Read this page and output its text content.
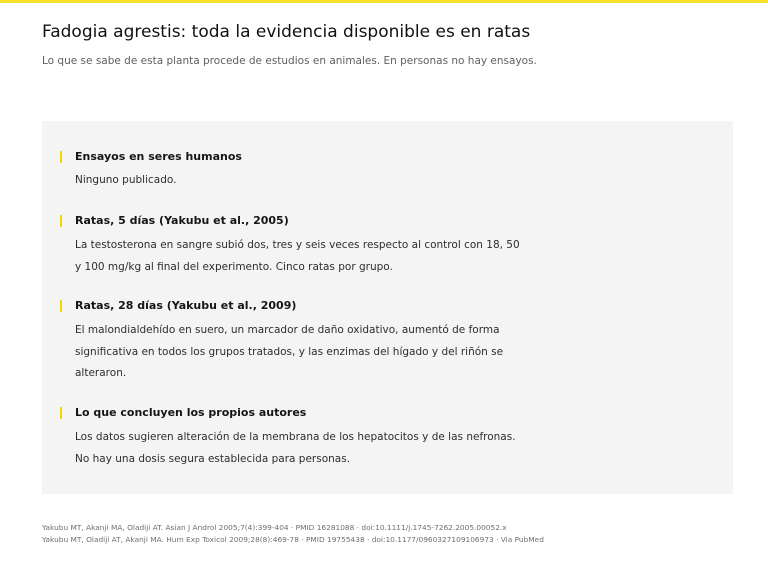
Fadogia agrestis: toda la evidencia disponible es en ratas

Lo que se sabe de esta planta procede de estudios en animales. En personas no hay ensayos.

Ensayos en seres humanos

Ninguno publicado.

Ratas, 5 días (Yakubu et al., 2005)

La testosterona en sangre subió dos, tres y seis veces respecto al control con 18, 50 y 100 mg/kg al final del experimento. Cinco ratas por grupo.

Ratas, 28 días (Yakubu et al., 2009)

El malondialdehído en suero, un marcador de daño oxidativo, aumentó de forma significativa en todos los grupos tratados, y las enzimas del hígado y del riñón se alteraron.

Lo que concluyen los propios autores

Los datos sugieren alteración de la membrana de los hepatocitos y de las nefronas. No hay una dosis segura establecida para personas.

Yakubu MT, Akanji MA, Oladiji AT. Asian J Androl 2005;7(4):399-404 · PMID 16281088 · doi:10.1111/j.1745-7262.2005.00052.x
Yakubu MT, Oladiji AT, Akanji MA. Hum Exp Toxicol 2009;28(8):469-78 · PMID 19755438 · doi:10.1177/0960327109106973 · Via PubMed
